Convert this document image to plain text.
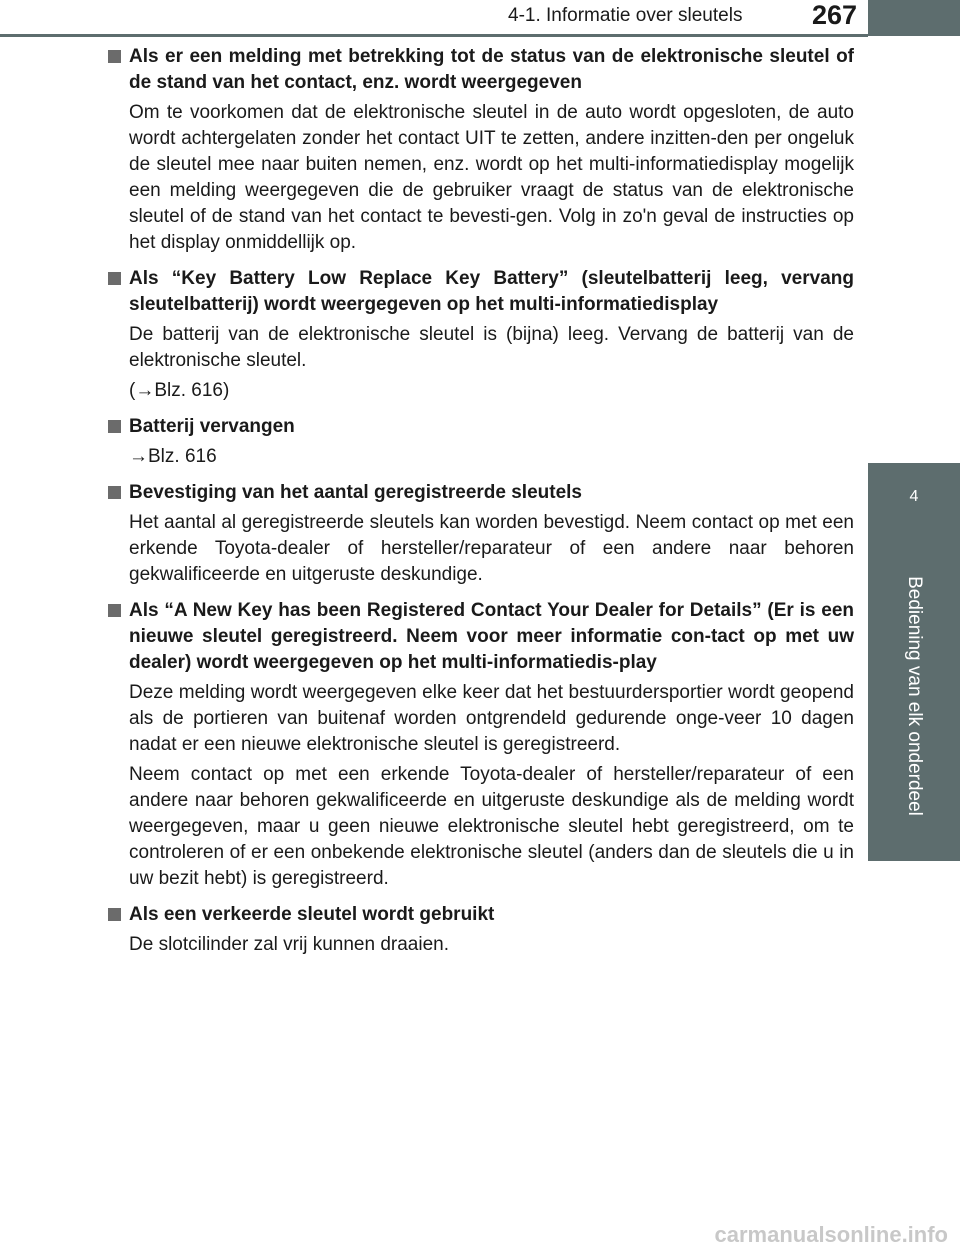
4-1. Informatie over sleutels	267
4
Bediening van elk onderdeel
Als er een melding met betrekking tot de status van de elektronische sleutel of de stand van het contact, enz. wordt weergegeven

Om te voorkomen dat de elektronische sleutel in de auto wordt opgesloten, de auto wordt achtergelaten zonder het contact UIT te zetten, andere inzitten-den per ongeluk de sleutel mee naar buiten nemen, enz. wordt op het multi-informatiedisplay mogelijk een melding weergegeven die de gebruiker vraagt de status van de elektronische sleutel of de stand van het contact te bevesti-gen. Volg in zo'n geval de instructies op het display onmiddellijk op.

Als “Key Battery Low Replace Key Battery” (sleutelbatterij leeg, vervang sleutelbatterij) wordt weergegeven op het multi-informatiedisplay

De batterij van de elektronische sleutel is (bijna) leeg. Vervang de batterij van de elektronische sleutel.

(→Blz. 616)
Batterij vervangen
→Blz. 616
Bevestiging van het aantal geregistreerde sleutels

Het aantal al geregistreerde sleutels kan worden bevestigd. Neem contact op met een erkende Toyota-dealer of hersteller/reparateur of een andere naar behoren gekwalificeerde en uitgeruste deskundige.

Als “A New Key has been Registered Contact Your Dealer for Details” (Er is een nieuwe sleutel geregistreerd. Neem voor meer informatie con-tact op met uw dealer) wordt weergegeven op het multi-informatiedis-play

Deze melding wordt weergegeven elke keer dat het bestuurdersportier wordt geopend als de portieren van buitenaf worden ontgrendeld gedurende onge-veer 10 dagen nadat er een nieuwe elektronische sleutel is geregistreerd.

Neem contact op met een erkende Toyota-dealer of hersteller/reparateur of een andere naar behoren gekwalificeerde en uitgeruste deskundige als de melding wordt weergegeven, maar u geen nieuwe elektronische sleutel hebt geregistreerd, om te controleren of er een onbekende elektronische sleutel (anders dan de sleutels die u in uw bezit hebt) is geregistreerd.

Als een verkeerde sleutel wordt gebruikt

De slotcilinder zal vrij kunnen draaien.

carmanualsonline.info
